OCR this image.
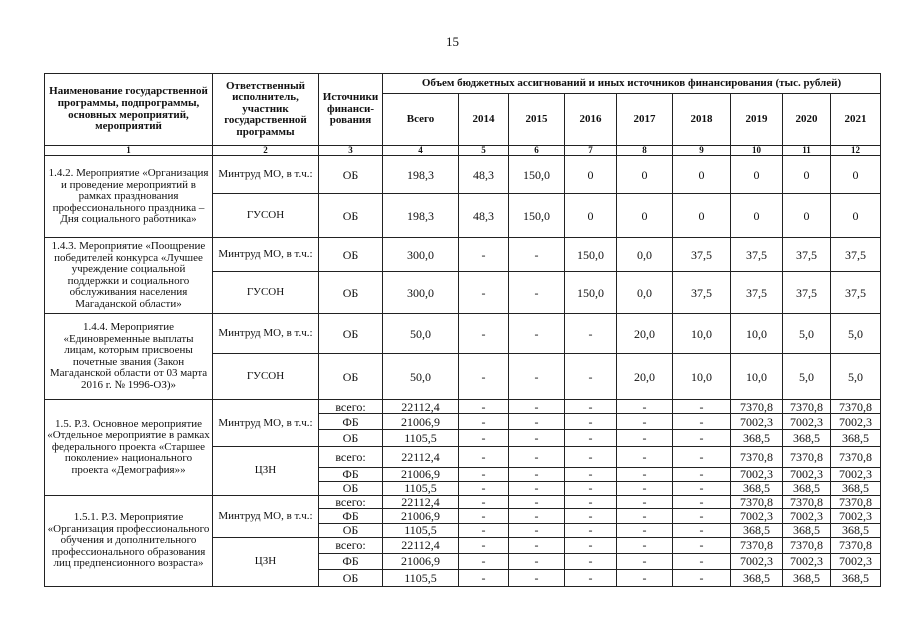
15
Наименование государственной программы, подпрограммы, основных мероприятий, мероприятий	Ответственный исполнитель, участник государственной программы	Источники финанси- рования	Объем бюджетных ассигнований и иных источников финансирования (тыс. рублей)								
			Всего	2014	2015	2016	2017	2018	2019	2020	2021
1	2	3	4	5	6	7	8	9	10	11	12
1.4.2. Мероприятие «Организация и проведение мероприятий в рамках празднования профессионального праздника – Дня социального работника»	Минтруд МО, в т.ч.:	ОБ	198,3	48,3	150,0	0	0	0	0	0	0
	ГУСОН	ОБ	198,3	48,3	150,0	0	0	0	0	0	0
1.4.3. Мероприятие «Поощрение победителей конкурса «Лучшее учреждение социальной поддержки и социального обслуживания населения Магаданской области»	Минтруд МО, в т.ч.:	ОБ	300,0	-	-	150,0	0,0	37,5	37,5	37,5	37,5
	ГУСОН	ОБ	300,0	-	-	150,0	0,0	37,5	37,5	37,5	37,5
1.4.4. Мероприятие «Единовременные выплаты лицам, которым присвоены почетные звания (Закон Магаданской области от 03 марта 2016 г. № 1996-ОЗ)»	Минтруд МО, в т.ч.:	ОБ	50,0	-	-	-	20,0	10,0	10,0	5,0	5,0
	ГУСОН	ОБ	50,0	-	-	-	20,0	10,0	10,0	5,0	5,0
1.5. Р.3. Основное мероприятие «Отдельное мероприятие в рамках федерального проекта «Старшее поколение» национального проекта «Демография»»	Минтруд МО, в т.ч.:	всего:	22112,4	-	-	-	-	-	7370,8	7370,8	7370,8
		ФБ	21006,9	-	-	-	-	-	7002,3	7002,3	7002,3
		ОБ	1105,5	-	-	-	-	-	368,5	368,5	368,5
	ЦЗН	всего:	22112,4	-	-	-	-	-	7370,8	7370,8	7370,8
		ФБ	21006,9	-	-	-	-	-	7002,3	7002,3	7002,3
		ОБ	1105,5	-	-	-	-	-	368,5	368,5	368,5
1.5.1. Р.3. Мероприятие «Организация профессионального обучения и дополнительного профессионального образования лиц предпенсионного возраста»	Минтруд МО, в т.ч.:	всего:	22112,4	-	-	-	-	-	7370,8	7370,8	7370,8
		ФБ	21006,9	-	-	-	-	-	7002,3	7002,3	7002,3
		ОБ	1105,5	-	-	-	-	-	368,5	368,5	368,5
	ЦЗН	всего:	22112,4	-	-	-	-	-	7370,8	7370,8	7370,8
		ФБ	21006,9	-	-	-	-	-	7002,3	7002,3	7002,3
		ОБ	1105,5	-	-	-	-	-	368,5	368,5	368,5
